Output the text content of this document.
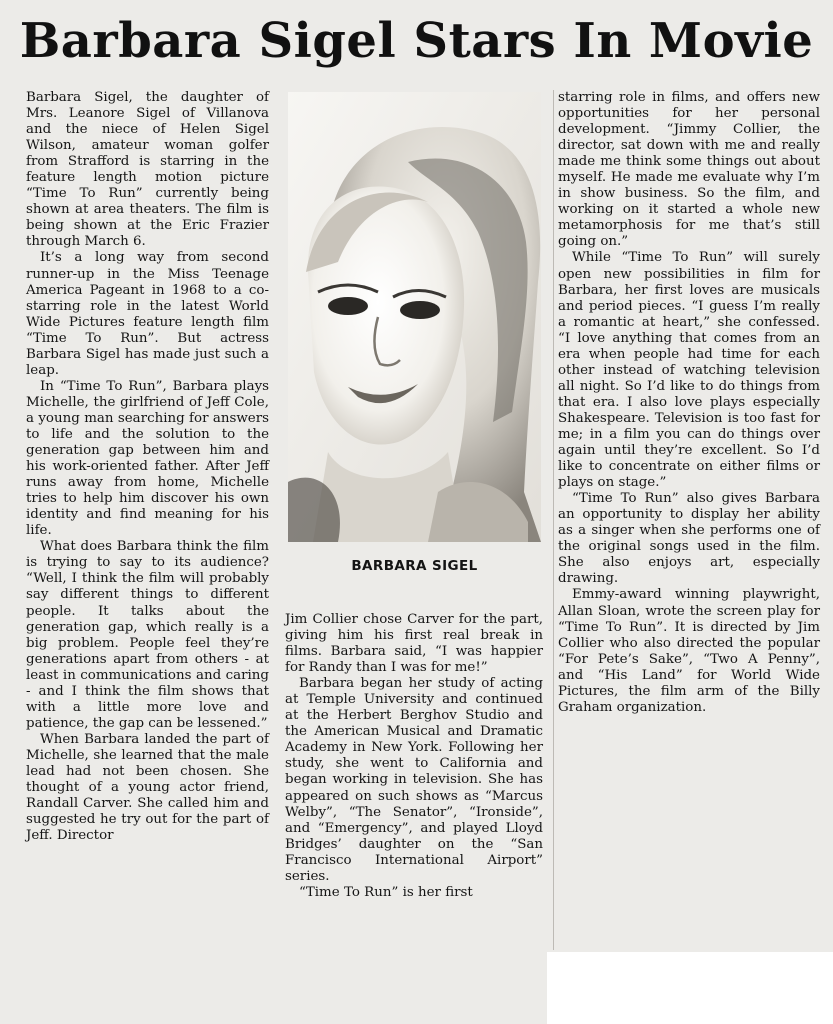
Barbara Sigel Stars In Movie

Barbara Sigel, the daughter of Mrs. Leanore Sigel of Villanova and the niece of Helen Sigel Wilson, amateur woman golfer from Strafford is starring in the feature length motion picture “Time To Run” currently being shown at area theaters. The film is being shown at the Eric Frazier through March 6.

It’s a long way from second runner-up in the Miss Teenage America Pageant in 1968 to a co-starring role in the latest World Wide Pictures feature length film “Time To Run”. But actress Barbara Sigel has made just such a leap.

In “Time To Run”, Barbara plays Michelle, the girlfriend of Jeff Cole, a young man searching for answers to life and the solution to the generation gap between him and his work-oriented father. After Jeff runs away from home, Michelle tries to help him discover his own identity and find meaning for his life.

What does Barbara think the film is trying to say to its audience? “Well, I think the film will probably say different things to different people. It talks about the generation gap, which really is a big problem. People feel they’re generations apart from others - at least in communications and caring - and I think the film shows that with a little more love and patience, the gap can be lessened.”

When Barbara landed the part of Michelle, she learned that the male lead had not been chosen. She thought of a young actor friend, Randall Carver. She called him and suggested he try out for the part of Jeff. Director

BARBARA SIGEL

Jim Collier chose Carver for the part, giving him his first real break in films. Barbara said, “I was happier for Randy than I was for me!”

Barbara began her study of acting at Temple University and continued at the Herbert Berghov Studio and the American Musical and Dramatic Academy in New York. Following her study, she went to California and began working in television. She has appeared on such shows as “Marcus Welby”, “The Senator”, “Ironside”, and “Emergency”, and played Lloyd Bridges’ daughter on the “San Francisco International Airport” series.

“Time To Run” is her first

starring role in films, and offers new opportunities for her personal development. “Jimmy Collier, the director, sat down with me and really made me think some things out about myself. He made me evaluate why I’m in show business. So the film, and working on it started a whole new metamorphosis for me that’s still going on.”

While “Time To Run” will surely open new possibilities in film for Barbara, her first loves are musicals and period pieces. “I guess I’m really a romantic at heart,” she confessed. “I love anything that comes from an era when people had time for each other instead of watching television all night. So I’d like to do things from that era. I also love plays especially Shakespeare. Television is too fast for me; in a film you can do things over again until they’re excellent. So I’d like to concentrate on either films or plays on stage.”

“Time To Run” also gives Barbara an opportunity to display her ability as a singer when she performs one of the original songs used in the film. She also enjoys art, especially drawing.

Emmy-award winning playwright, Allan Sloan, wrote the screen play for “Time To Run”. It is directed by Jim Collier who also directed the popular “For Pete’s Sake”, “Two A Penny”, and “His Land” for World Wide Pictures, the film arm of the Billy Graham organization.
